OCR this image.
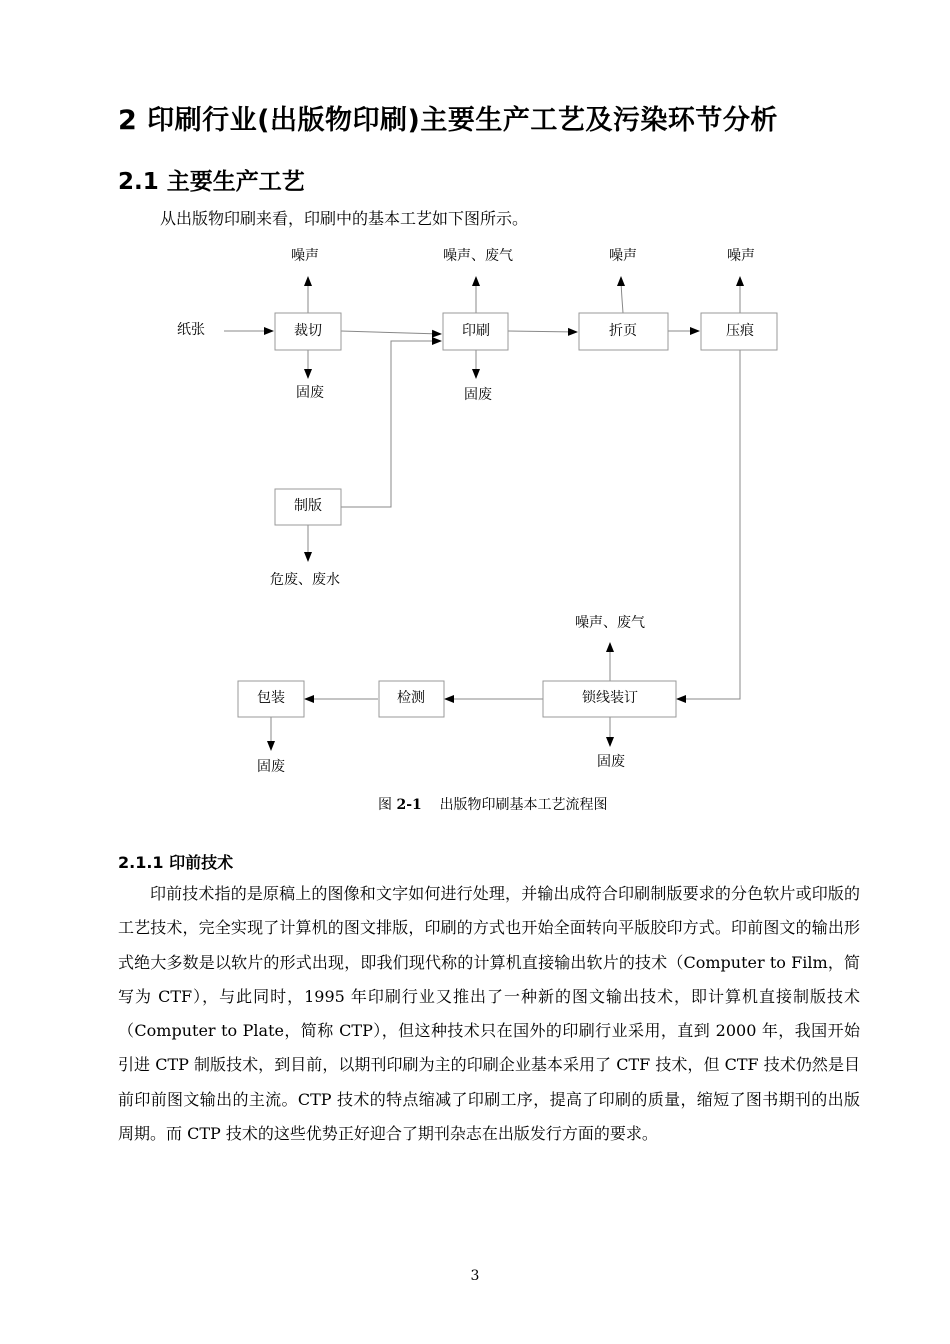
2 印刷行业(出版物印刷)主要生产工艺及污染环节分析
2.1 主要生产工艺
从出版物印刷来看，印刷中的基本工艺如下图所示。
纸张	裁切	印刷	折页	压痕
制版
锁线装订
检测
包装
噪声	噪声、废气	噪声	噪声
固废	固废
危废、废水
噪声、废气
固废
固废
图 2-1 出版物印刷基本工艺流程图
2.1.1 印前技术
印前技术指的是原稿上的图像和文字如何进行处理，并输出成符合印刷制版要求的分色软片或印版的工艺技术，完全实现了计算机的图文排版，印刷的方式也开始全面转向平版胶印方式。印前图文的输出形式绝大多数是以软片的形式出现，即我们现代称的计算机直接输出软片的技术（Computer to Film，简写为 CTF），与此同时，1995 年印刷行业又推出了一种新的图文输出技术，即计算机直接制版技术（Computer to Plate，简称 CTP），但这种技术只在国外的印刷行业采用，直到 2000 年，我国开始引进 CTP 制版技术，到目前，以期刊印刷为主的印刷企业基本采用了 CTF 技术，但 CTF 技术仍然是目前印前图文输出的主流。CTP 技术的特点缩减了印刷工序，提高了印刷的质量，缩短了图书期刊的出版周期。而 CTP 技术的这些优势正好迎合了期刊杂志在出版发行方面的要求。
3
